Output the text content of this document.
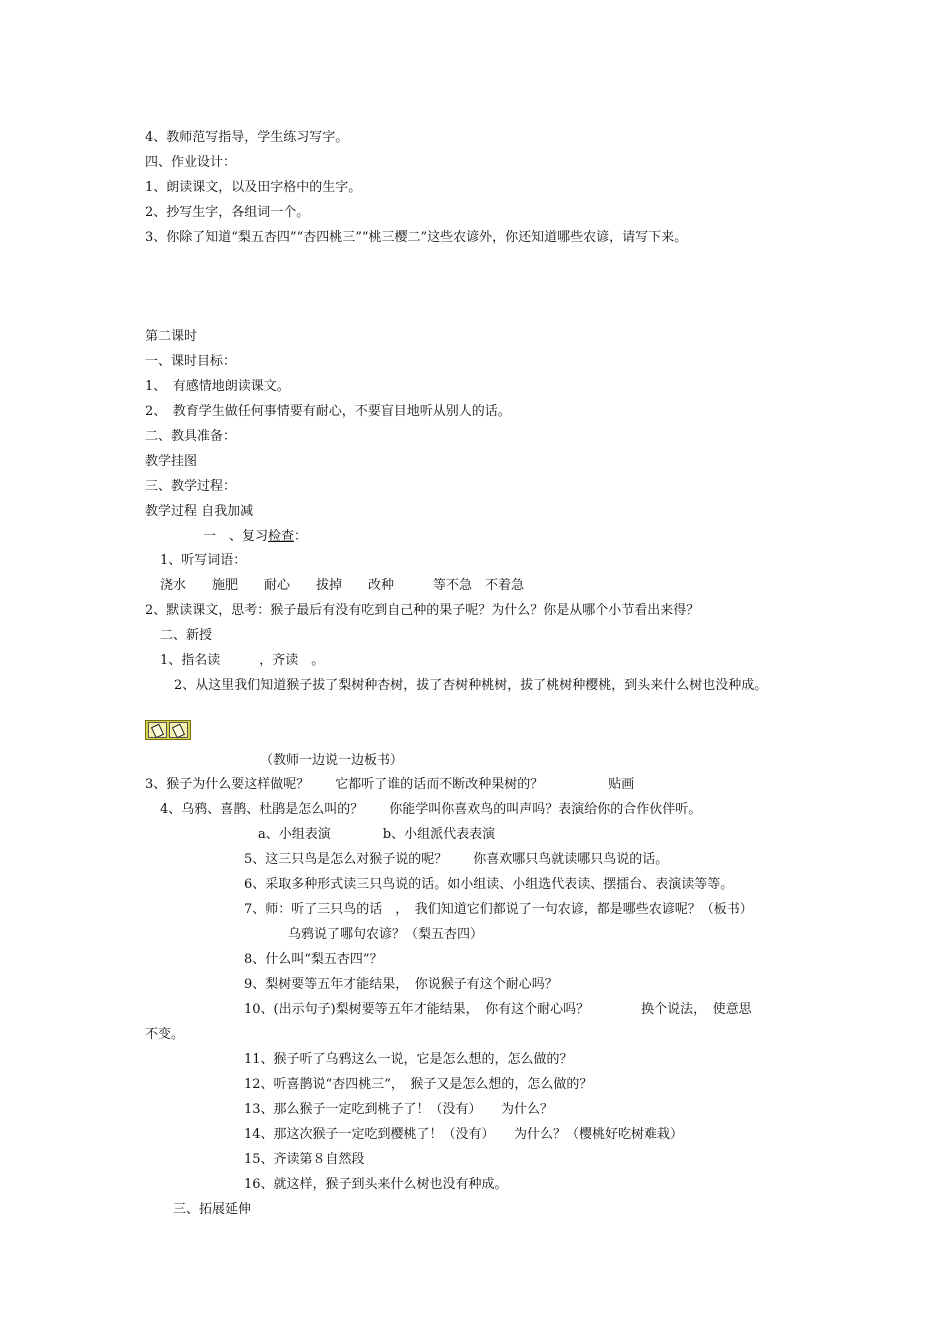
4、教师范写指导，学生练习写字。
四、作业设计：
1、朗读课文，以及田字格中的生字。
2、抄写生字，各组词一个。
3、你除了知道“梨五杏四”“杏四桃三”“桃三樱二”这些农谚外，你还知道哪些农谚，请写下来。
第二课时
一、课时目标：
1、　有感情地朗读课文。
2、　教育学生做任何事情要有耐心，不要盲目地听从别人的话。
二、教具准备：
教学挂图
三、教学过程：
教学过程 自我加减
一　、复习检查：
1、听写词语：
浇水　　施肥　　耐心　　拔掉　　改种　　　等不急　不着急
2、默读课文，思考：猴子最后有没有吃到自己种的果子呢？为什么？你是从哪个小节看出来得？
二、新授
1、指名读　　　，齐读　。
2、从这里我们知道猴子拔了梨树种杏树，拔了杏树种桃树，拔了桃树种樱桃，到头来什么树也没种成。
（教师一边说一边板书）
3、猴子为什么要这样做呢？　　它都听了谁的话而不断改种果树的？　　　　　贴画
4、乌鸦、喜鹊、杜鹃是怎么叫的？　　你能学叫你喜欢鸟的叫声吗？表演给你的合作伙伴听。
a、小组表演　　　　b、小组派代表表演
5、这三只鸟是怎么对猴子说的呢？　　你喜欢哪只鸟就读哪只鸟说的话。
6、采取多种形式读三只鸟说的话。如小组读、小组选代表读、摆擂台、表演读等等。
7、师：听了三只鸟的话　，　我们知道它们都说了一句农谚，都是哪些农谚呢？（板书）
乌鸦说了哪句农谚？（梨五杏四）
8、什么叫“梨五杏四”？
9、梨树要等五年才能结果，　你说猴子有这个耐心吗？
10、(出示句子)梨树要等五年才能结果，　你有这个耐心吗？　　　　换个说法，　使意思
不变。
11、猴子听了乌鸦这么一说，它是怎么想的，怎么做的？
12、听喜鹊说“杏四桃三”，　猴子又是怎么想的，怎么做的？
13、那么猴子一定吃到桃子了！（没有）　　为什么？
14、那这次猴子一定吃到樱桃了！（没有）　　为什么？（樱桃好吃树难栽）
15、齐读第８自然段
16、就这样，猴子到头来什么树也没有种成。
三、拓展延伸
